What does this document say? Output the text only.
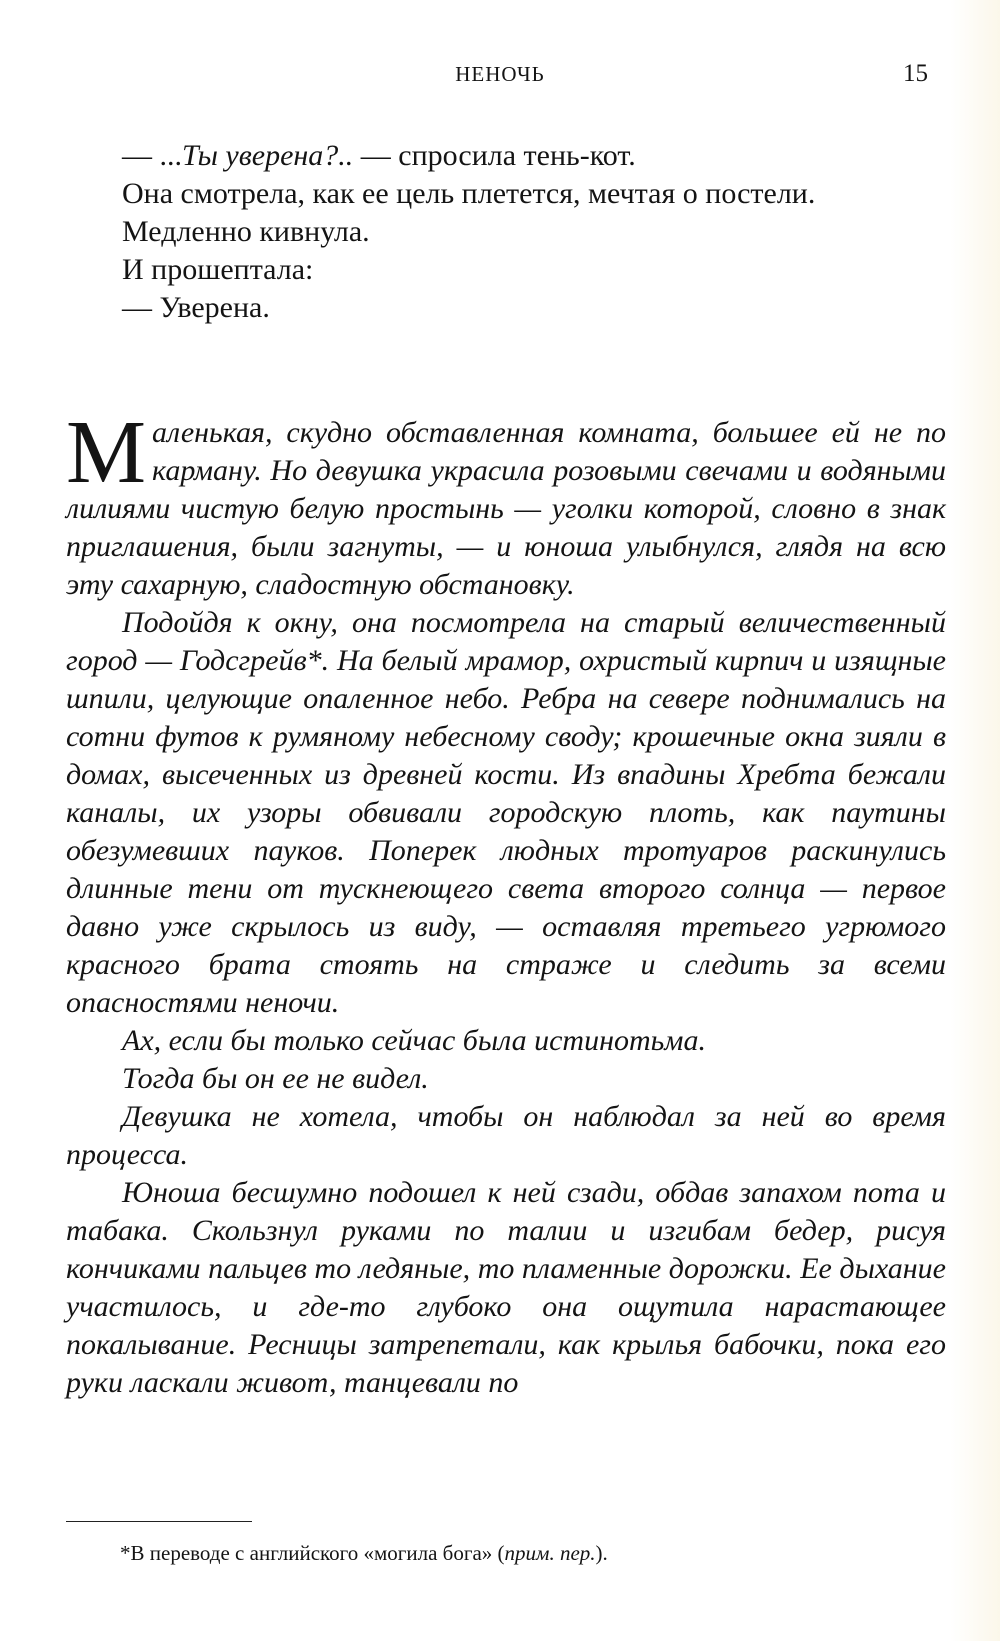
НЕНОЧЬ	15

— ...Ты уверена?.. — спросила тень-кот.

Она смотрела, как ее цель плетется, мечтая о постели.

Медленно кивнула.

И прошептала:

— Уверена.

Маленькая, скудно обставленная комната, большее ей не по карману. Но девушка украсила розовыми свечами и водяными лилиями чистую белую простынь — уголки которой, словно в знак приглашения, были загнуты, — и юноша улыбнулся, глядя на всю эту сахарную, сладостную обстановку.

Подойдя к окну, она посмотрела на старый величественный город — Годсгрейв*. На белый мрамор, охристый кирпич и изящные шпили, целующие опаленное небо. Ребра на севере поднимались на сотни футов к румяному небесному своду; крошечные окна зияли в домах, высеченных из древней кости. Из впадины Хребта бежали каналы, их узоры обвивали городскую плоть, как паутины обезумевших пауков. Поперек людных тротуаров раскинулись длинные тени от тускнеющего света второго солнца — первое давно уже скрылось из виду, — оставляя третьего угрюмого красного брата стоять на страже и следить за всеми опасностями неночи.

Ах, если бы только сейчас была истинотьма.

Тогда бы он ее не видел.

Девушка не хотела, чтобы он наблюдал за ней во время процесса.

Юноша бесшумно подошел к ней сзади, обдав запахом пота и табака. Скользнул руками по талии и изгибам бедер, рисуя кончиками пальцев то ледяные, то пламенные дорожки. Ее дыхание участилось, и где-то глубоко она ощутила нарастающее покалывание. Ресницы затрепетали, как крылья бабочки, пока его руки ласкали живот, танцевали по

*В переводе с английского «могила бога» (прим. пер.).
